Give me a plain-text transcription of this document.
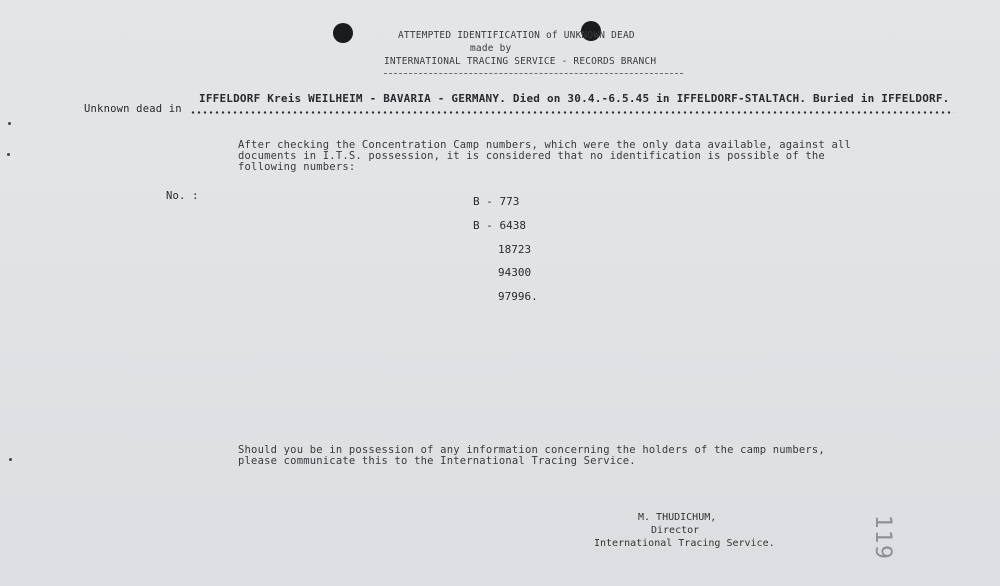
ATTEMPTED IDENTIFICATION of UNKNOWN DEAD
made by
INTERNATIONAL TRACING SERVICE - RECORDS BRANCH
IFFELDORF Kreis WEILHEIM - BAVARIA - GERMANY. Died on 30.4.-6.5.45 in IFFELDORF-STALTACH. Buried in IFFELDORF.
Unknown dead in
After checking the Concentration Camp numbers, which were the only data available, against all
documents in I.T.S. possession, it is considered that no identification is possible of the
following numbers:
No. :	B - 773
B - 6438
18723
94300
97996.
Should you be in possession of any information concerning the holders of the camp numbers,
please communicate this to the International Tracing Service.
M. THUDICHUM,
Director
International Tracing Service.	119
